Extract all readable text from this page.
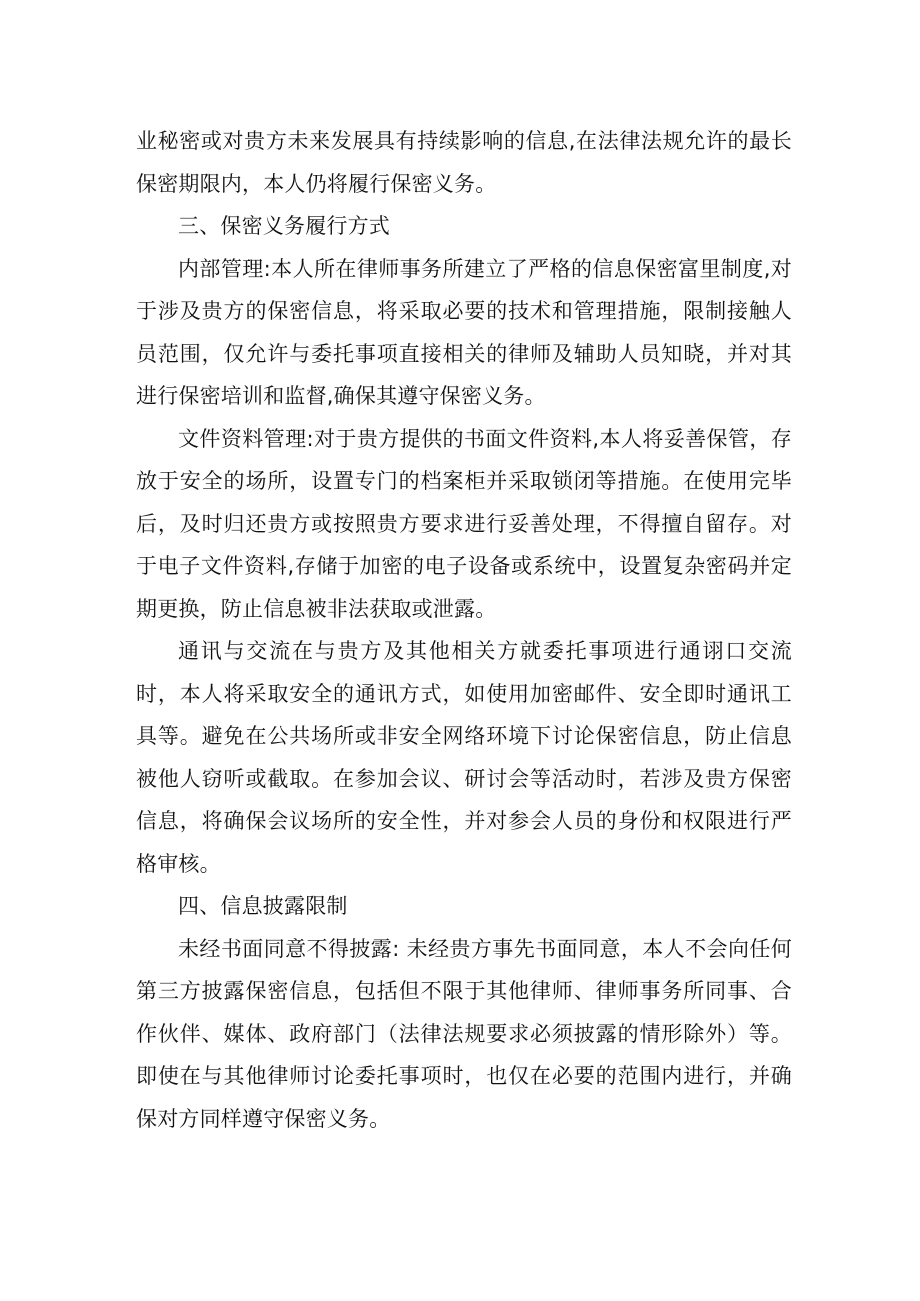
业秘密或对贵方未来发展具有持续影响的信息,在法律法规允许的最长保密期限内，本人仍将履行保密义务。

三、保密义务履行方式

内部管理:本人所在律师事务所建立了严格的信息保密富里制度,对于涉及贵方的保密信息，将采取必要的技术和管理措施，限制接触人员范围，仅允许与委托事项直接相关的律师及辅助人员知晓，并对其进行保密培训和监督,确保其遵守保密义务。

文件资料管理:对于贵方提供的书面文件资料,本人将妥善保管，存放于安全的场所，设置专门的档案柜并采取锁闭等措施。在使用完毕后，及时归还贵方或按照贵方要求进行妥善处理，不得擅自留存。对于电子文件资料,存储于加密的电子设备或系统中，设置复杂密码并定期更换，防止信息被非法获取或泄露。

通讯与交流在与贵方及其他相关方就委托事项进行通诩口交流时，本人将采取安全的通讯方式，如使用加密邮件、安全即时通讯工具等。避免在公共场所或非安全网络环境下讨论保密信息，防止信息被他人窃听或截取。在参加会议、研讨会等活动时，若涉及贵方保密信息，将确保会议场所的安全性，并对参会人员的身份和权限进行严格审核。

四、信息披露限制

未经书面同意不得披露: 未经贵方事先书面同意，本人不会向任何第三方披露保密信息，包括但不限于其他律师、律师事务所同事、合作伙伴、媒体、政府部门（法律法规要求必须披露的情形除外）等。即使在与其他律师讨论委托事项时，也仅在必要的范围内进行，并确保对方同样遵守保密义务。
